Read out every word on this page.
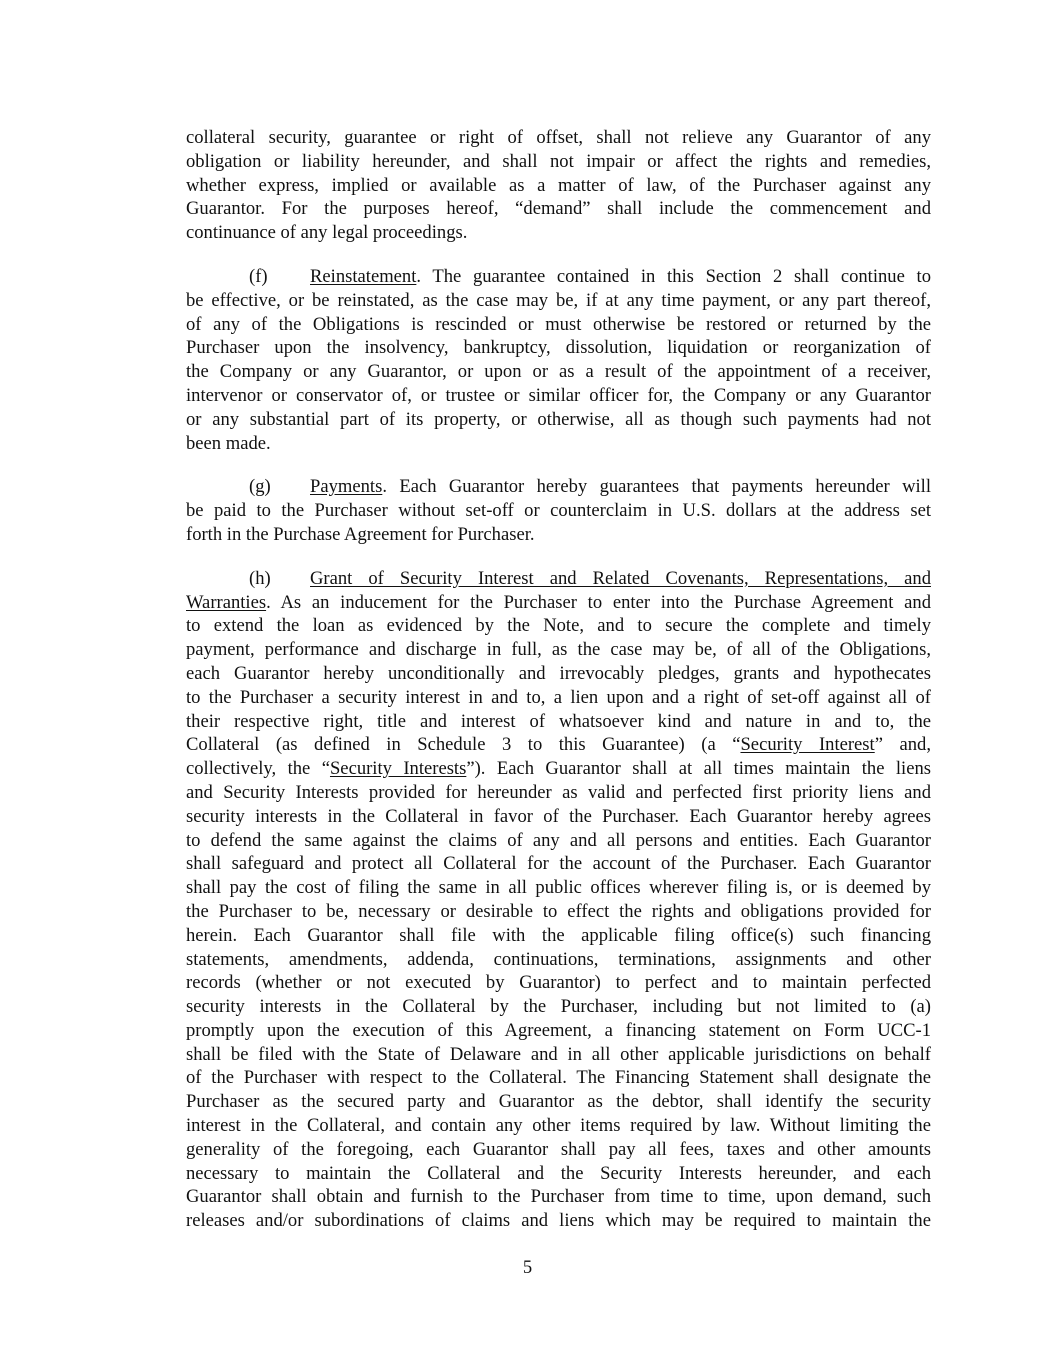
collateral security, guarantee or right of offset, shall not relieve any Guarantor of any
obligation or liability hereunder, and shall not impair or affect the rights and remedies,
whether express, implied or available as a matter of law, of the Purchaser against any
Guarantor. For the purposes hereof, “demand” shall include the commencement and
continuance of any legal proceedings.
(f) Reinstatement. The guarantee contained in this Section 2 shall continue to
be effective, or be reinstated, as the case may be, if at any time payment, or any part thereof,
of any of the Obligations is rescinded or must otherwise be restored or returned by the
Purchaser upon the insolvency, bankruptcy, dissolution, liquidation or reorganization of
the Company or any Guarantor, or upon or as a result of the appointment of a receiver,
intervenor or conservator of, or trustee or similar officer for, the Company or any Guarantor
or any substantial part of its property, or otherwise, all as though such payments had not
been made.
(g) Payments. Each Guarantor hereby guarantees that payments hereunder will
be paid to the Purchaser without set-off or counterclaim in U.S. dollars at the address set
forth in the Purchase Agreement for Purchaser.
(h) Grant of Security Interest and Related Covenants, Representations, and
Warranties. As an inducement for the Purchaser to enter into the Purchase Agreement and
to extend the loan as evidenced by the Note, and to secure the complete and timely
payment, performance and discharge in full, as the case may be, of all of the Obligations,
each Guarantor hereby unconditionally and irrevocably pledges, grants and hypothecates
to the Purchaser a security interest in and to, a lien upon and a right of set-off against all of
their respective right, title and interest of whatsoever kind and nature in and to, the
Collateral (as defined in Schedule 3 to this Guarantee) (a “Security Interest” and,
collectively, the “Security Interests”). Each Guarantor shall at all times maintain the liens
and Security Interests provided for hereunder as valid and perfected first priority liens and
security interests in the Collateral in favor of the Purchaser. Each Guarantor hereby agrees
to defend the same against the claims of any and all persons and entities. Each Guarantor
shall safeguard and protect all Collateral for the account of the Purchaser. Each Guarantor
shall pay the cost of filing the same in all public offices wherever filing is, or is deemed by
the Purchaser to be, necessary or desirable to effect the rights and obligations provided for
herein. Each Guarantor shall file with the applicable filing office(s) such financing
statements, amendments, addenda, continuations, terminations, assignments and other
records (whether or not executed by Guarantor) to perfect and to maintain perfected
security interests in the Collateral by the Purchaser, including but not limited to (a)
promptly upon the execution of this Agreement, a financing statement on Form UCC-1
shall be filed with the State of Delaware and in all other applicable jurisdictions on behalf
of the Purchaser with respect to the Collateral. The Financing Statement shall designate the
Purchaser as the secured party and Guarantor as the debtor, shall identify the security
interest in the Collateral, and contain any other items required by law. Without limiting the
generality of the foregoing, each Guarantor shall pay all fees, taxes and other amounts
necessary to maintain the Collateral and the Security Interests hereunder, and each
Guarantor shall obtain and furnish to the Purchaser from time to time, upon demand, such
releases and/or subordinations of claims and liens which may be required to maintain the
5
